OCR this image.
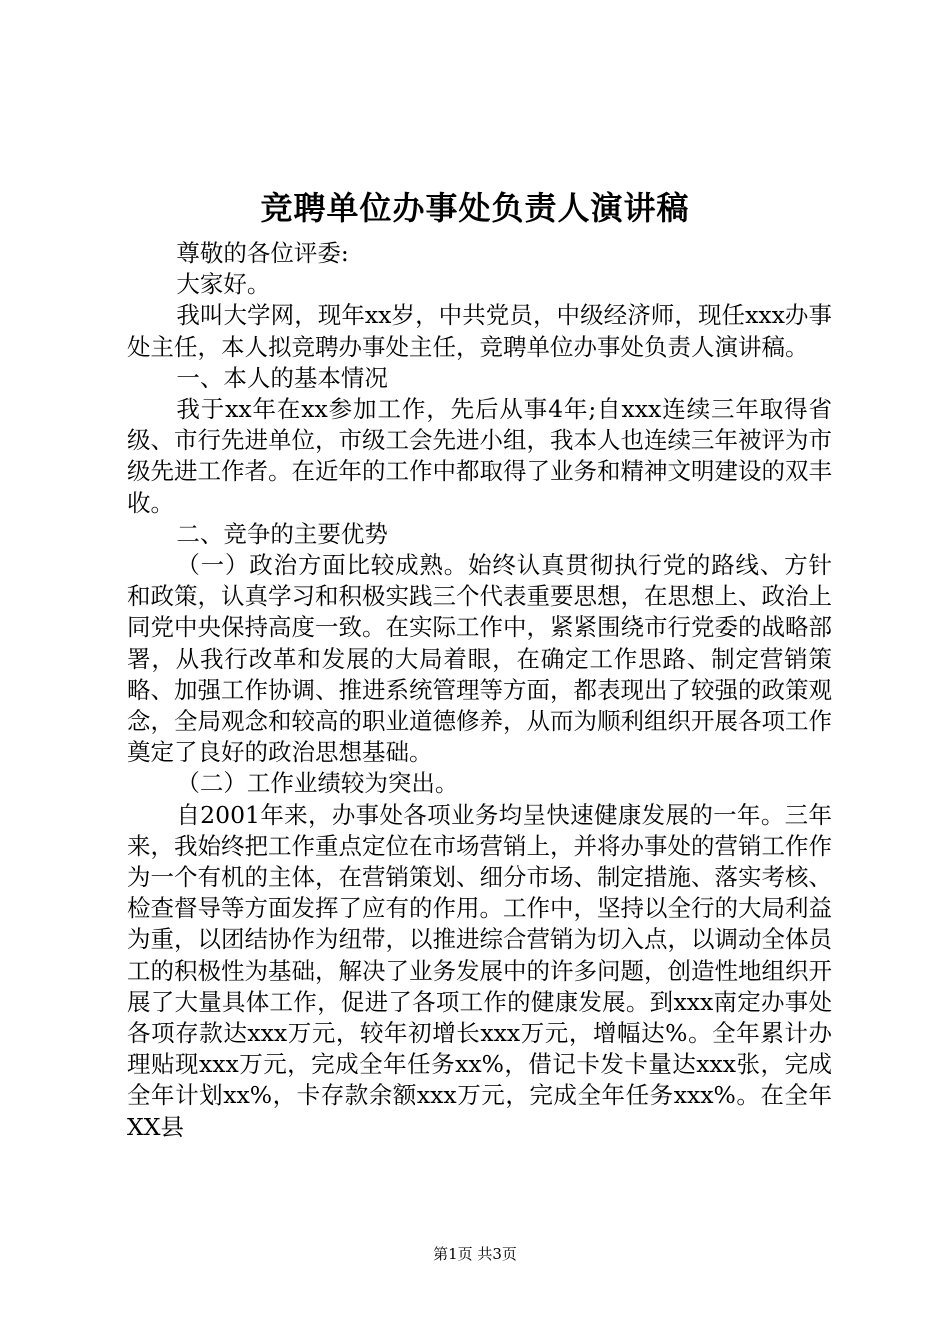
竞聘单位办事处负责人演讲稿

尊敬的各位评委:

大家好。

我叫大学网，现年xx岁，中共党员，中级经济师，现任xxx办事处主任，本人拟竞聘办事处主任，竞聘单位办事处负责人演讲稿。

一、本人的基本情况

我于xx年在xx参加工作，先后从事4年;自xxx连续三年取得省级、市行先进单位，市级工会先进小组，我本人也连续三年被评为市级先进工作者。在近年的工作中都取得了业务和精神文明建设的双丰收。

二、竞争的主要优势

（一）政治方面比较成熟。始终认真贯彻执行党的路线、方针和政策，认真学习和积极实践三个代表重要思想，在思想上、政治上同党中央保持高度一致。在实际工作中，紧紧围绕市行党委的战略部署，从我行改革和发展的大局着眼，在确定工作思路、制定营销策略、加强工作协调、推进系统管理等方面，都表现出了较强的政策观念，全局观念和较高的职业道德修养，从而为顺利组织开展各项工作奠定了良好的政治思想基础。

（二）工作业绩较为突出。

自2001年来，办事处各项业务均呈快速健康发展的一年。三年来，我始终把工作重点定位在市场营销上，并将办事处的营销工作作为一个有机的主体，在营销策划、细分市场、制定措施、落实考核、检查督导等方面发挥了应有的作用。工作中，坚持以全行的大局利益为重，以团结协作为纽带，以推进综合营销为切入点，以调动全体员工的积极性为基础，解决了业务发展中的许多问题，创造性地组织开展了大量具体工作，促进了各项工作的健康发展。到xxx南定办事处各项存款达xxx万元，较年初增长xxx万元，增幅达%。全年累计办理贴现xxx万元，完成全年任务xx%，借记卡发卡量达xxx张，完成全年计划xx%，卡存款余额xxx万元，完成全年任务xxx%。在全年XX县

第1页 共3页
